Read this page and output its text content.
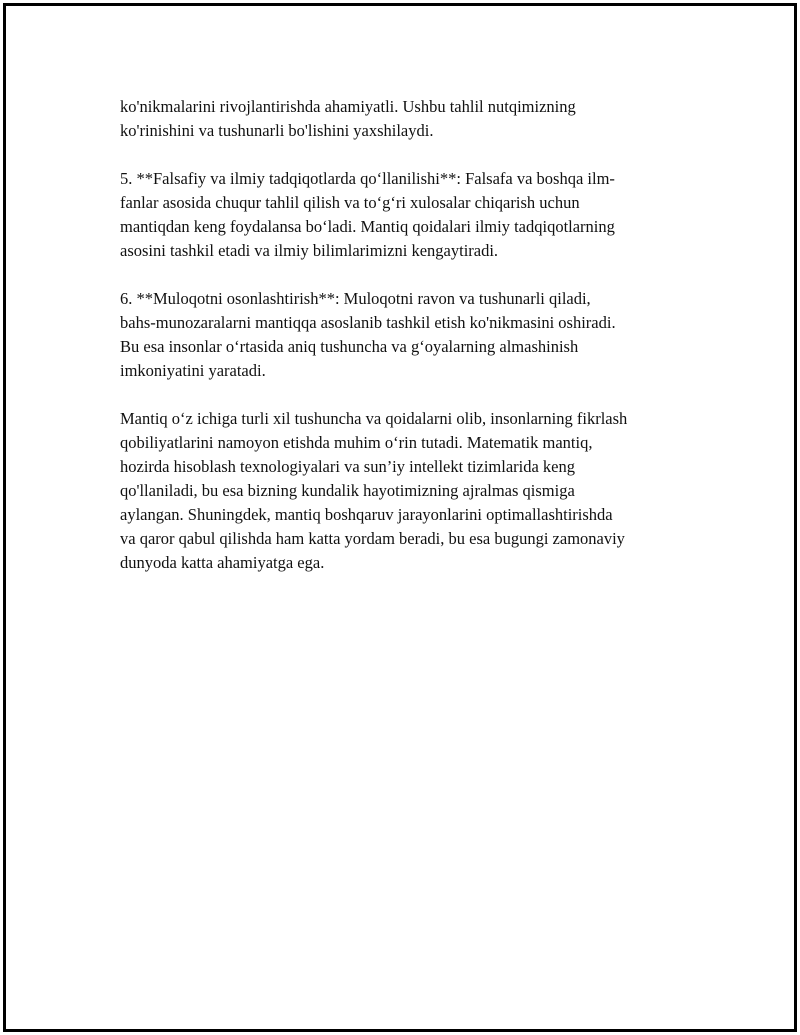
ko'nikmalarini rivojlantirishda ahamiyatli. Ushbu tahlil nutqimizning
ko'rinishini va tushunarli bo'lishini yaxshilaydi.

5. **Falsafiy va ilmiy tadqiqotlarda qo‘llanilishi**: Falsafa va boshqa ilm-
fanlar asosida chuqur tahlil qilish va to‘g‘ri xulosalar chiqarish uchun
mantiqdan keng foydalansa bo‘ladi. Mantiq qoidalari ilmiy tadqiqotlarning
asosini tashkil etadi va ilmiy bilimlarimizni kengaytiradi.

6. **Muloqotni osonlashtirish**: Muloqotni ravon va tushunarli qiladi,
bahs-munozaralarni mantiqqa asoslanib tashkil etish ko'nikmasini oshiradi.
Bu esa insonlar o‘rtasida aniq tushuncha va g‘oyalarning almashinish
imkoniyatini yaratadi.

Mantiq o‘z ichiga turli xil tushuncha va qoidalarni olib, insonlarning fikrlash
qobiliyatlarini namoyon etishda muhim o‘rin tutadi. Matematik mantiq,
hozirda hisoblash texnologiyalari va sun’iy intellekt tizimlarida keng
qo'llaniladi, bu esa bizning kundalik hayotimizning ajralmas qismiga
aylangan. Shuningdek, mantiq boshqaruv jarayonlarini optimallashtirishda
va qaror qabul qilishda ham katta yordam beradi, bu esa bugungi zamonaviy
dunyoda katta ahamiyatga ega.
